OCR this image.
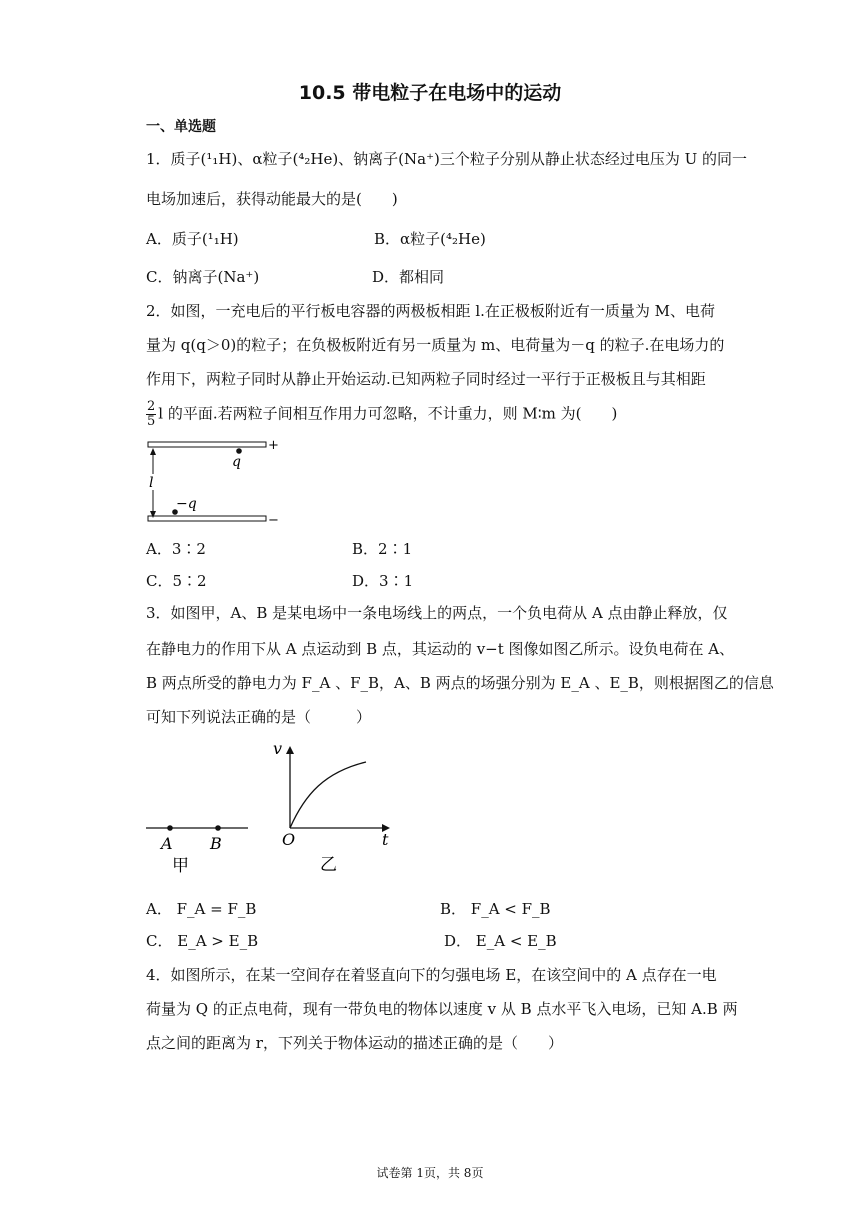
10.5 带电粒子在电场中的运动
一、单选题
1．质子(¹₁H)、α粒子(⁴₂He)、钠离子(Na⁺)三个粒子分别从静止状态经过电压为 U 的同一
电场加速后，获得动能最大的是(　　)
A．质子(¹₁H)	B．α粒子(⁴₂He)
C．钠离子(Na⁺)	D．都相同
2．如图，一充电后的平行板电容器的两极板相距 l.在正极板附近有一质量为 M、电荷
量为 q(q＞0)的粒子；在负极板附近有另一质量为 m、电荷量为－q 的粒子.在电场力的
作用下，两粒子同时从静止开始运动.已知两粒子同时经过一平行于正极板且与其相距
$\frac{2}{5}$ l 的平面.若两粒子间相互作用力可忽略，不计重力，则 M∶m 为(　　)
+
−
q
−q
l
A．3∶2	B．2∶1
C．5∶2	D．3∶1
3．如图甲，A、B 是某电场中一条电场线上的两点，一个负电荷从 A 点由静止释放，仅
在静电力的作用下从 A 点运动到 B 点，其运动的 v−t 图像如图乙所示。设负电荷在 A、
B 两点所受的静电力为 F_A 、F_B，A、B 两点的场强分别为 E_A 、E_B，则根据图乙的信息
可知下列说法正确的是（　　　）
A B
甲
v
t
O
乙
A． F_A = F_B	B． F_A < F_B
C． E_A > E_B	D． E_A < E_B
4．如图所示，在某一空间存在着竖直向下的匀强电场 E，在该空间中的 A 点存在一电
荷量为 Q 的正点电荷，现有一带负电的物体以速度 v 从 B 点水平飞入电场，已知 A.B 两
点之间的距离为 r，下列关于物体运动的描述正确的是（　　）
试卷第 1页，共 8页
